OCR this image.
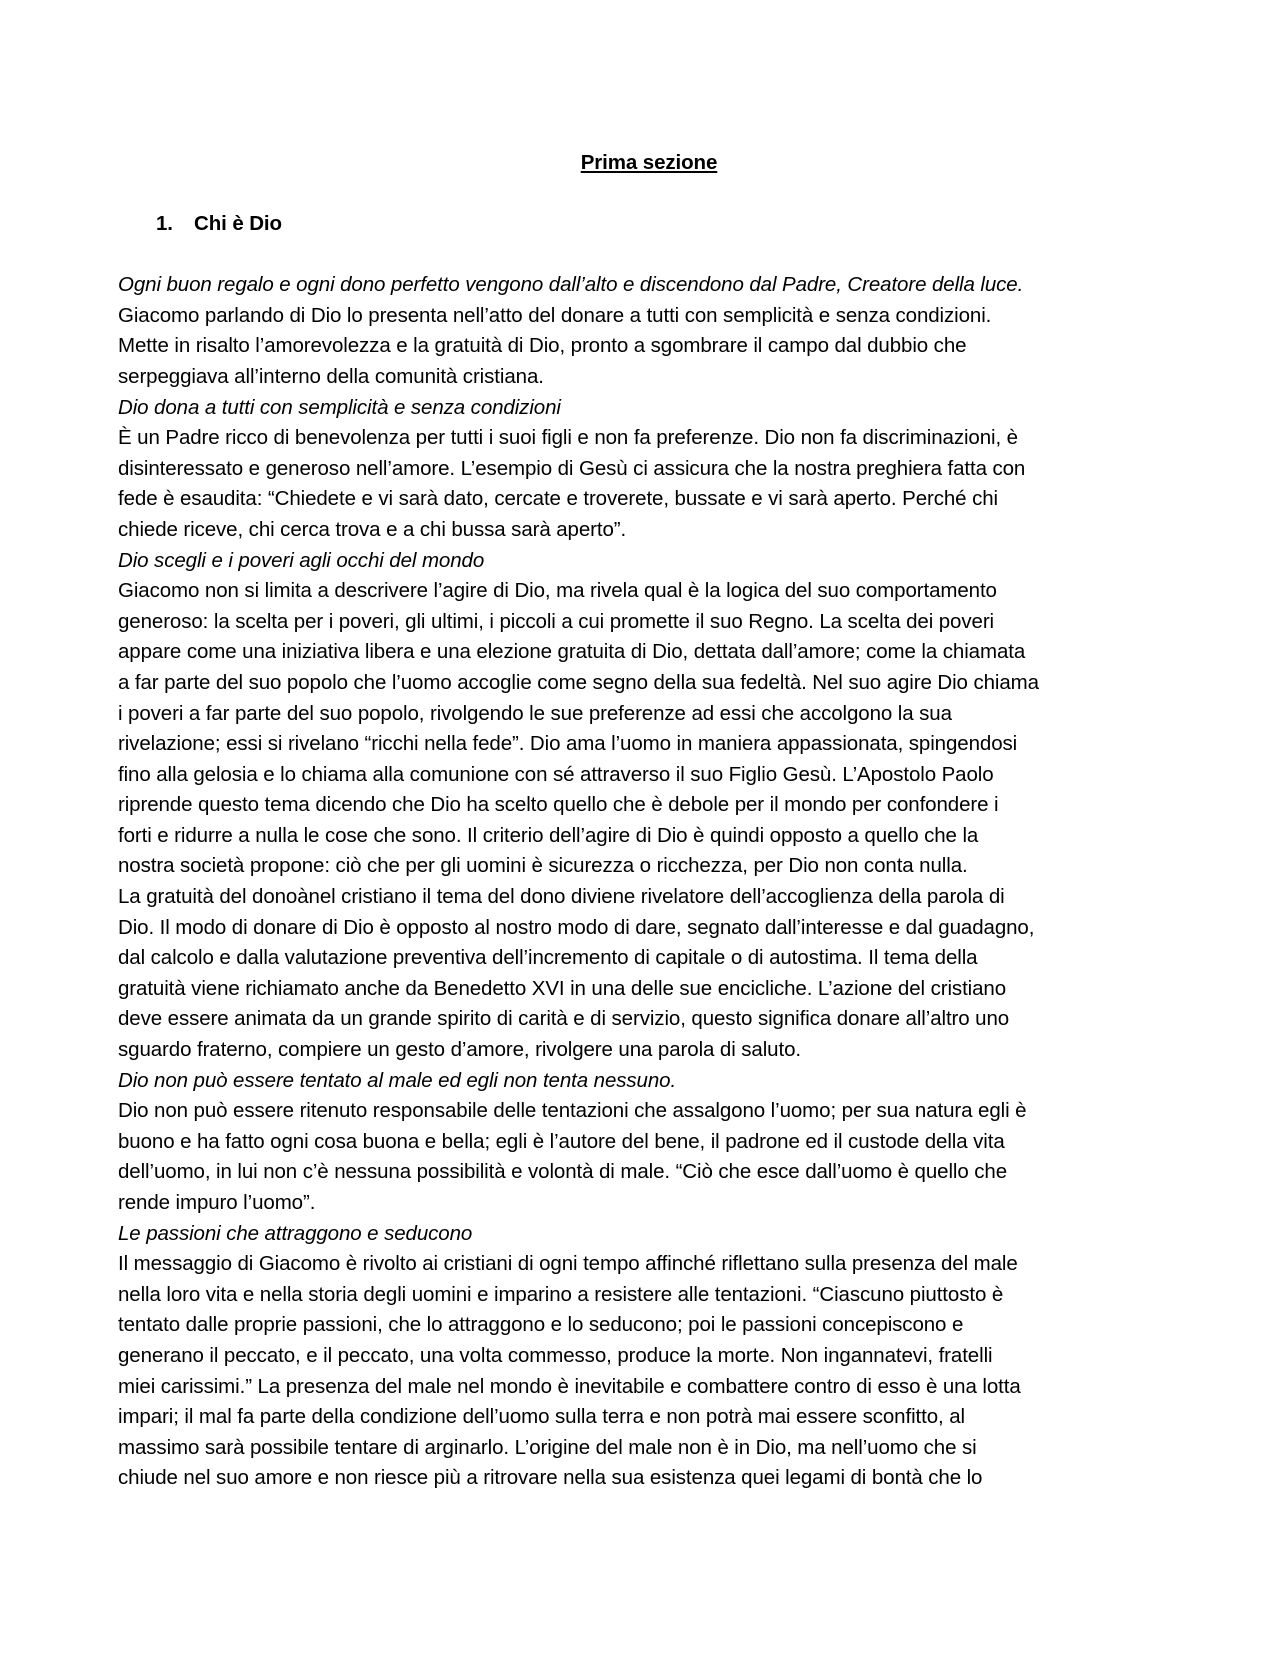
Prima sezione
1.	Chi è Dio
Ogni buon regalo e ogni dono perfetto vengono dall’alto e discendono dal Padre, Creatore della luce.
Giacomo parlando di Dio lo presenta nell’atto del donare a tutti con semplicità e senza condizioni.
Mette in risalto l’amorevolezza e la gratuità di Dio, pronto a sgombrare il campo dal dubbio che
serpeggiava all’interno della comunità cristiana.
Dio dona a tutti con semplicità e senza condizioni
È un Padre ricco di benevolenza per tutti i suoi figli e non fa preferenze. Dio non fa discriminazioni, è
disinteressato e generoso nell’amore. L’esempio di Gesù ci assicura che la nostra preghiera fatta con
fede è esaudita: “Chiedete e vi sarà dato, cercate e troverete, bussate e vi sarà aperto. Perché chi
chiede riceve, chi cerca trova e a chi bussa sarà aperto”.
Dio scegli e i poveri agli occhi del mondo
Giacomo non si limita a descrivere l’agire di Dio, ma rivela qual è la logica del suo comportamento
generoso: la scelta per i poveri, gli ultimi, i piccoli a cui promette il suo Regno. La scelta dei poveri
appare come una iniziativa libera e una elezione gratuita di Dio, dettata dall’amore; come la chiamata
a far parte del suo popolo che l’uomo accoglie come segno della sua fedeltà. Nel suo agire Dio chiama
i poveri a far parte del suo popolo, rivolgendo le sue preferenze ad essi che accolgono la sua
rivelazione; essi si rivelano “ricchi nella fede”. Dio ama l’uomo in maniera appassionata, spingendosi
fino alla gelosia e lo chiama alla comunione con sé attraverso il suo Figlio Gesù. L’Apostolo Paolo
riprende questo tema dicendo che Dio ha scelto quello che è debole per il mondo per confondere i
forti e ridurre a nulla le cose che sono. Il criterio dell’agire di Dio è quindi opposto a quello che la
nostra società propone: ciò che per gli uomini è sicurezza o ricchezza, per Dio non conta nulla.
La gratuità del donoànel cristiano il tema del dono diviene rivelatore dell’accoglienza della parola di
Dio. Il modo di donare di Dio è opposto al nostro modo di dare, segnato dall’interesse e dal guadagno,
dal calcolo e dalla valutazione preventiva dell’incremento di capitale o di autostima. Il tema della
gratuità viene richiamato anche da Benedetto XVI in una delle sue encicliche. L’azione del cristiano
deve essere animata da un grande spirito di carità e di servizio, questo significa donare all’altro uno
sguardo fraterno, compiere un gesto d’amore, rivolgere una parola di saluto.
Dio non può essere tentato al male ed egli non tenta nessuno.
Dio non può essere ritenuto responsabile delle tentazioni che assalgono l’uomo; per sua natura egli è
buono e ha fatto ogni cosa buona e bella; egli è l’autore del bene, il padrone ed il custode della vita
dell’uomo, in lui non c’è nessuna possibilità e volontà di male. “Ciò che esce dall’uomo è quello che
rende impuro l’uomo”.
Le passioni che attraggono e seducono
Il messaggio di Giacomo è rivolto ai cristiani di ogni tempo affinché riflettano sulla presenza del male
nella loro vita e nella storia degli uomini e imparino a resistere alle tentazioni. “Ciascuno piuttosto è
tentato dalle proprie passioni, che lo attraggono e lo seducono; poi le passioni concepiscono e
generano il peccato, e il peccato, una volta commesso, produce la morte. Non ingannatevi, fratelli
miei carissimi.” La presenza del male nel mondo è inevitabile e combattere contro di esso è una lotta
impari; il mal fa parte della condizione dell’uomo sulla terra e non potrà mai essere sconfitto, al
massimo sarà possibile tentare di arginarlo. L’origine del male non è in Dio, ma nell’uomo che si
chiude nel suo amore e non riesce più a ritrovare nella sua esistenza quei legami di bontà che lo
